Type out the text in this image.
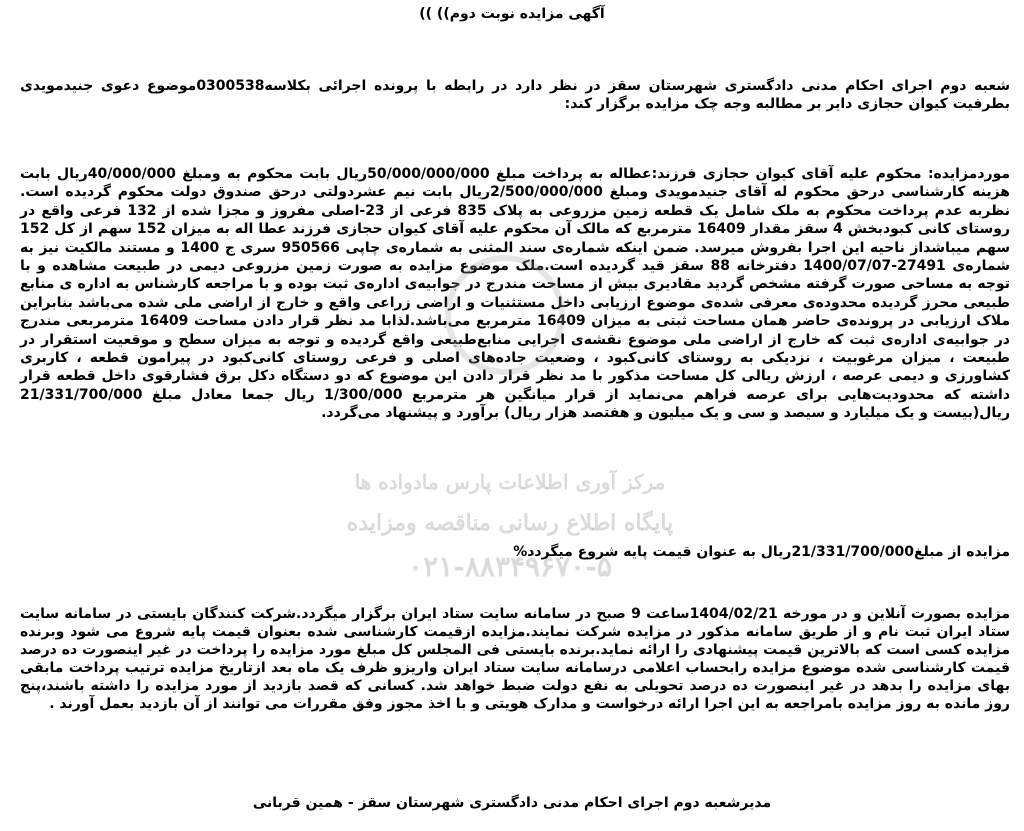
آگهی مزایده نوبت دوم)) ))
شعبه دوم اجرای احکام مدنی دادگستری شهرستان سقز در نظر دارد در رابطه با پرونده اجرائی بکلاسه0300538موضوع دعوی جنیدمویدی بطرفیت کیوان حجازی دایر بر مطالبه وجه چک مزایده برگزار کند:
موردمزایده: محکوم علیه آقای کیوان حجازی فرزند:عطاله به پرداخت مبلغ 50/000/000/000ریال بابت محکوم به ومبلغ 40/000/000ریال بابت هزینه کارشناسی درحق محکوم له آقای جنیدمویدی ومبلغ 2/500/000/000ریال بابت نیم عشردولتی درحق صندوق دولت محکوم گردیده است. نظربه عدم پرداخت محکوم به ملک شامل یک قطعه زمین مزروعی به پلاک 835 فرعی از 23-اصلی مفروز و مجزا شده از 132 فرعی واقع در روستای کانی کبودبخش 4 سقز مقدار 16409 مترمربع که مالک آن محکوم علیه آقای کیوان حجازی فرزند عطا اله به میزان 152 سهم از کل 152 سهم میباشداز ناحیه این اجرا بفروش میرسد. ضمن اینکه شماره‌ی سند المثنی به شماره‌ی چاپی 950566 سری ج 1400 و مستند مالکیت نیز به شماره‌ی 27491-1400/07/07 دفترخانه 88 سقز قید گردیده است.ملک موضوع مزایده به صورت زمین مزروعی دیمی در طبیعت مشاهده و با توجه به مساحی صورت گرفته مشخص گردید مقادیری بیش از مساحت مندرج در جوابیه‌ی اداره‌ی ثبت بوده و با مراجعه کارشناس به اداره ی منابع طبیعی محرز گردیده محدوده‌ی معرفی شده‌ی موضوع ارزیابی داخل مستثنیات و اراضی زراعی واقع و خارج از اراضی ملی شده می‌باشد بنابراین ملاک ارزیابی در پرونده‌ی حاضر همان مساحت ثبتی به میزان 16409 مترمربع می‌باشد.لذابا مد نظر قرار دادن مساحت 16409 مترمربعی مندرج در جوابیه‌ی اداره‌ی ثبت که خارج از اراضی ملی موضوع نقشه‌ی اجرایی منابع‌طبیعی واقع گردیده و توجه به میزان سطح و موقعیت استقرار در طبیعت ، میزان مرغوبیت ، نزدیکی به روستای کانی‌کبود ، وضعیت جاده‌های اصلی و فرعی روستای کانی‌کبود در پیرامون قطعه ، کاربری کشاورزی و دیمی عرصه ، ارزش ریالی کل مساحت مذکور با مد نظر قرار دادن این موضوع که دو دستگاه دکل برق فشارقوی داخل قطعه قرار داشته که محدودیت‌هایی برای عرصه فراهم می‌نماید از قرار میانگین هر مترمربع 1/300/000 ریال جمعا معادل مبلغ 21/331/700/000 ریال(بیست و یک میلیارد و سیصد و سی و یک میلیون و هفتصد هزار ریال) برآورد و پیشنهاد می‌گردد.
مزایده از مبلغ21/331/700/000ریال به عنوان قیمت پایه شروع میگردد%
مزایده بصورت آنلاین و در مورخه 1404/02/21ساعت 9 صبح در سامانه سایت ستاد ایران برگزار میگردد.شرکت کنندگان بایستی در سامانه سایت ستاد ایران ثبت نام و از طریق سامانه مذکور در مزایده شرکت نمایند.مزایده ازقیمت کارشناسی شده بعنوان قیمت پایه شروع می شود وبرنده مزایده کسی است که بالاترین قیمت پیشنهادی را ارائه نماید.برنده بایستی فی المجلس کل مبلغ مورد مزایده را پرداخت در غیر اینصورت ده درصد قیمت کارشناسی شده موضوع مزایده رابحساب اعلامی درسامانه سایت ستاد ایران واریزو ظرف یک ماه بعد ازتاریخ مزایده ترتیب پرداخت مابقی بهای مزایده را بدهد در غیر اینصورت ده درصد تحویلی به نفع دولت ضبط خواهد شد. کسانی که قصد بازدید از مورد مزایده را داشته باشند،پنج روز مانده به روز مزایده بامراجعه به این اجرا ارائه درخواست و مدارک هویتی و با اخذ مجوز وفق مقررات می توانند از آن بازدید بعمل آورند .
مدیرشعبه دوم اجرای احکام مدنی دادگستری شهرستان سقز - همین قربانی
مرکز آوری اطلاعات پارس مادواده ها
پایگاه اطلاع رسانی مناقصه ومزایده
۰۲۱-۸۸۳۴۹۶۷۰-۵
